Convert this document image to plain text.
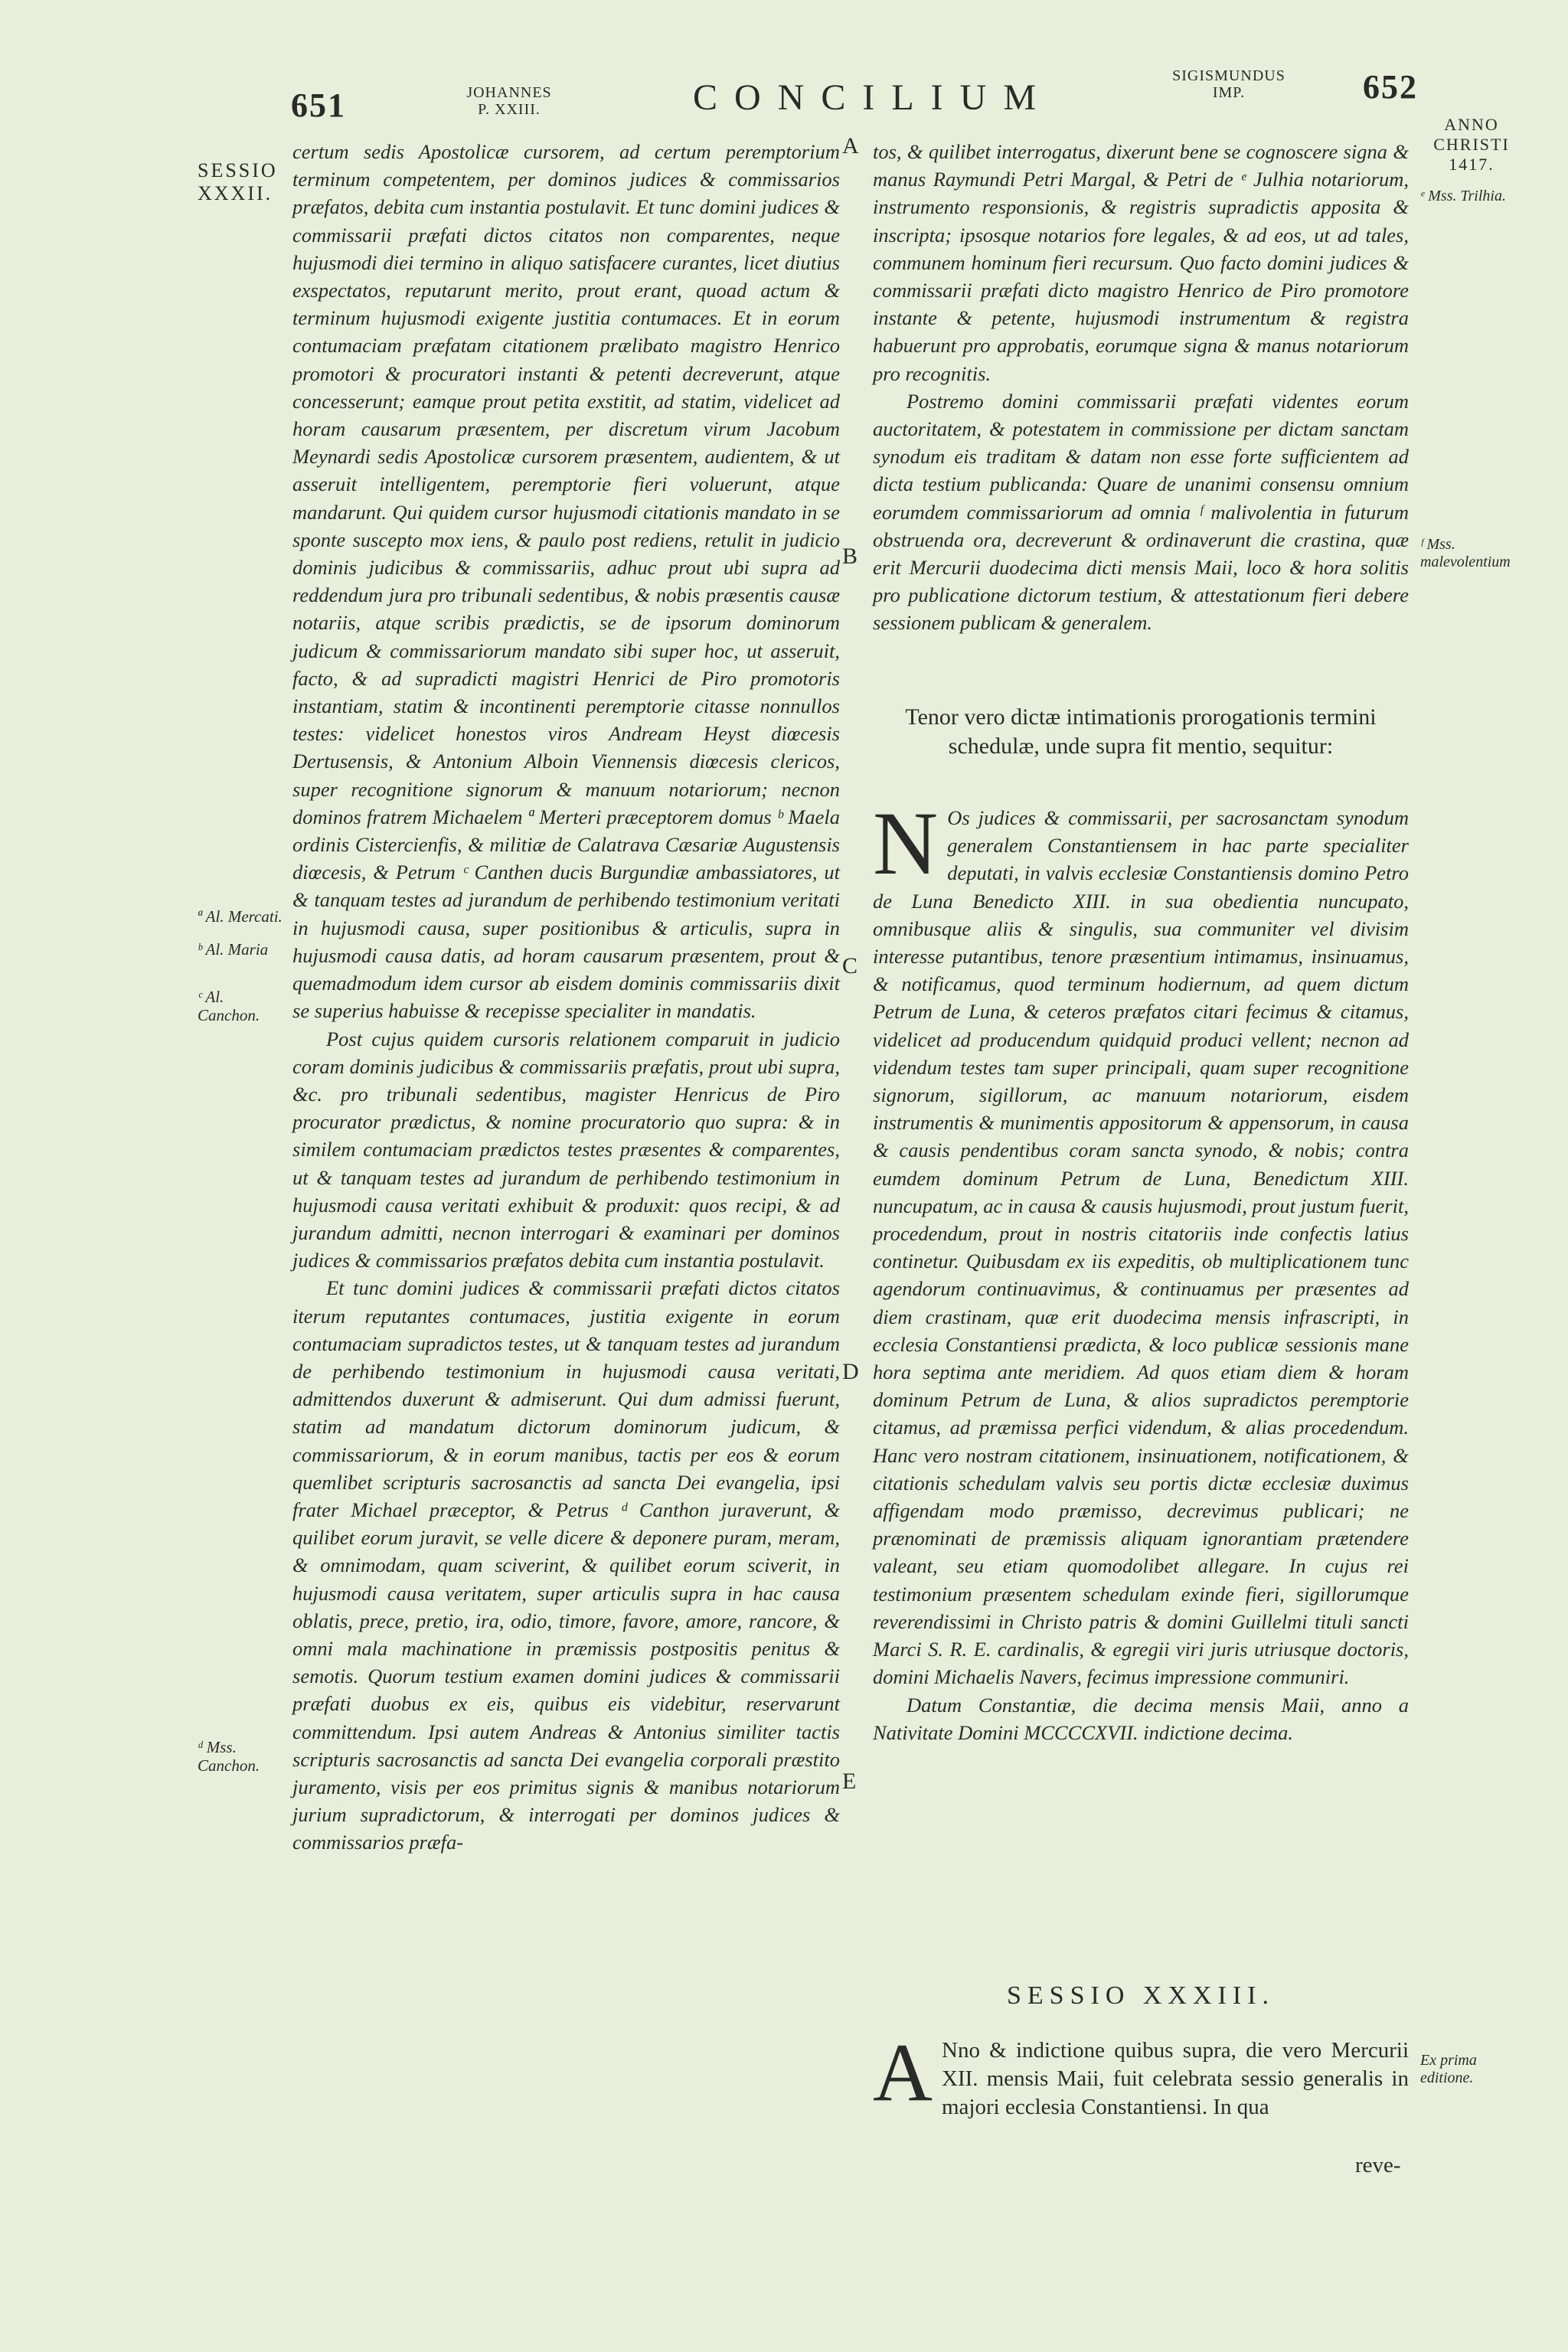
651	JOHANNES
P. XXIII.	CONCILIUM
SIGISMUNDUS
IMP.	652
SESSIO
XXXII.
ª Al. Mercati.
ᵇ Al. Maria
ᶜ Al. Canchon.
ᵈ Mss. Canchon.

certum sedis Apostolicæ cursorem, ad certum peremptorium terminum competentem, per dominos judices & commissarios præfatos, debita cum instantia postulavit. Et tunc domini judices & commissarii præfati dictos citatos non comparentes, neque hujusmodi diei termino in aliquo satisfacere curantes, licet diutius exspectatos, reputarunt merito, prout erant, quoad actum & terminum hujusmodi exigente justitia contumaces. Et in eorum contumaciam præfatam citationem prælibato magistro Henrico promotori & procuratori instanti & petenti decreverunt, atque concesserunt; eamque prout petita exstitit, ad statim, videlicet ad horam causarum præsentem, per discretum virum Jacobum Meynardi sedis Apostolicæ cursorem præsentem, audientem, & ut asseruit intelligentem, peremptorie fieri voluerunt, atque mandarunt. Qui quidem cursor hujusmodi citationis mandato in se sponte suscepto mox iens, & paulo post rediens, retulit in judicio dominis judicibus & commissariis, adhuc prout ubi supra ad reddendum jura pro tribunali sedentibus, & nobis præsentis causæ notariis, atque scribis prædictis, se de ipsorum dominorum judicum & commissariorum mandato sibi super hoc, ut asseruit, facto, & ad supradicti magistri Henrici de Piro promotoris instantiam, statim & incontinenti peremptorie citasse nonnullos testes: videlicet honestos viros Andream Heyst diœcesis Dertusensis, & Antonium Alboin Viennensis diœcesis clericos, super recognitione signorum & manuum notariorum; necnon dominos fratrem Michaelem ª Merteri præceptorem domus ᵇ Maela ordinis Cistercienfis, & militiæ de Calatrava Cæsariæ Augustensis diœcesis, & Petrum ᶜ Canthen ducis Burgundiæ ambassiatores, ut & tanquam testes ad jurandum de perhibendo testimonium veritati in hujusmodi causa, super positionibus & articulis, supra in hujusmodi causa datis, ad horam causarum præsentem, prout & quemadmodum idem cursor ab eisdem dominis commissariis dixit se superius habuisse & recepisse specialiter in mandatis.

Post cujus quidem cursoris relationem comparuit in judicio coram dominis judicibus & commissariis præfatis, prout ubi supra, &c. pro tribunali sedentibus, magister Henricus de Piro procurator prædictus, & nomine procuratorio quo supra: & in similem contumaciam prædictos testes præsentes & comparentes, ut & tanquam testes ad jurandum de perhibendo testimonium in hujusmodi causa veritati exhibuit & produxit: quos recipi, & ad jurandum admitti, necnon interrogari & examinari per dominos judices & commissarios præfatos debita cum instantia postulavit.

Et tunc domini judices & commissarii præfati dictos citatos iterum reputantes contumaces, justitia exigente in eorum contumaciam supradictos testes, ut & tanquam testes ad jurandum de perhibendo testimonium in hujusmodi causa veritati, admittendos duxerunt & admiserunt. Qui dum admissi fuerunt, statim ad mandatum dictorum dominorum judicum, & commissariorum, & in eorum manibus, tactis per eos & eorum quemlibet scripturis sacrosanctis ad sancta Dei evangelia, ipsi frater Michael præceptor, & Petrus ᵈ Canthon juraverunt, & quilibet eorum juravit, se velle dicere & deponere puram, meram, & omnimodam, quam sciverint, & quilibet eorum sciverit, in hujusmodi causa veritatem, super articulis supra in hac causa oblatis, prece, pretio, ira, odio, timore, favore, amore, rancore, & omni mala machinatione in præmissis postpositis penitus & semotis. Quorum testium examen domini judices & commissarii præfati duobus ex eis, quibus eis videbitur, reservarunt committendum. Ipsi autem Andreas & Antonius similiter tactis scripturis sacrosanctis ad sancta Dei evangelia corporali præstito juramento, visis per eos primitus signis & manibus notariorum jurium supradictorum, & interrogati per dominos judices & commissarios præfa-

A
B
C
D
E

tos, & quilibet interrogatus, dixerunt bene se cognoscere signa & manus Raymundi Petri Margal, & Petri de ᵉ Julhia notariorum, instrumento responsionis, & registris supradictis apposita & inscripta; ipsosque notarios fore legales, & ad eos, ut ad tales, communem hominum fieri recursum. Quo facto domini judices & commissarii præfati dicto magistro Henrico de Piro promotore instante & petente, hujusmodi instrumentum & registra habuerunt pro approbatis, eorumque signa & manus notariorum pro recognitis.

Postremo domini commissarii præfati videntes eorum auctoritatem, & potestatem in commissione per dictam sanctam synodum eis traditam & datam non esse forte sufficientem ad dicta testium publicanda: Quare de unanimi consensu omnium eorumdem commissariorum ad omnia ᶠ malivolentia in futurum obstruenda ora, decreverunt & ordinaverunt die crastina, quæ erit Mercurii duodecima dicti mensis Maii, loco & hora solitis pro publicatione dictorum testium, & attestationum fieri debere sessionem publicam & generalem.

Tenor vero dictæ intimationis prorogationis termini schedulæ, unde supra fit mentio, sequitur:
N Os judices & commissarii, per sacrosanctam synodum generalem Constantiensem in hac parte specialiter deputati, in valvis ecclesiæ Constantiensis domino Petro de Luna Benedicto XIII. in sua obedientia nuncupato, omnibusque aliis & singulis, sua communiter vel divisim interesse putantibus, tenore præsentium intimamus, insinuamus, & notificamus, quod terminum hodiernum, ad quem dictum Petrum de Luna, & ceteros præfatos citari fecimus & citamus, videlicet ad producendum quidquid produci vellent; necnon ad videndum testes tam super principali, quam super recognitione signorum, sigillorum, ac manuum notariorum, eisdem instrumentis & munimentis appositorum & appensorum, in causa & causis pendentibus coram sancta synodo, & nobis; contra eumdem dominum Petrum de Luna, Benedictum XIII. nuncupatum, ac in causa & causis hujusmodi, prout justum fuerit, procedendum, prout in nostris citatoriis inde confectis latius continetur. Quibusdam ex iis expeditis, ob multiplicationem tunc agendorum continuavimus, & continuamus per præsentes ad diem crastinam, quæ erit duodecima mensis infrascripti, in ecclesia Constantiensi prædicta, & loco publicæ sessionis mane hora septima ante meridiem. Ad quos etiam diem & horam dominum Petrum de Luna, & alios supradictos peremptorie citamus, ad præmissa perfici videndum, & alias procedendum. Hanc vero nostram citationem, insinuationem, notificationem, & citationis schedulam valvis seu portis dictæ ecclesiæ duximus affigendam modo præmisso, decrevimus publicari; ne prænominati de præmissis aliquam ignorantiam prætendere valeant, seu etiam quomodolibet allegare. In cujus rei testimonium præsentem schedulam exinde fieri, sigillorumque reverendissimi in Christo patris & domini Guillelmi tituli sancti Marci S. R. E. cardinalis, & egregii viri juris utriusque doctoris, domini Michaelis Navers, fecimus impressione communiri.

Datum Constantiæ, die decima mensis Maii, anno a Nativitate Domini MCCCCXVII. indictione decima.

SESSIO XXXIII.
A Nno & indictione quibus supra, die vero Mercurii XII. mensis Maii, fuit celebrata sessio generalis in majori ecclesia Constantiensi. In qua

reve-
ANNO
CHRISTI
1417.
ᵉ Mss. Trilhia.
ᶠ Mss. malevolentium
Ex prima editione.
